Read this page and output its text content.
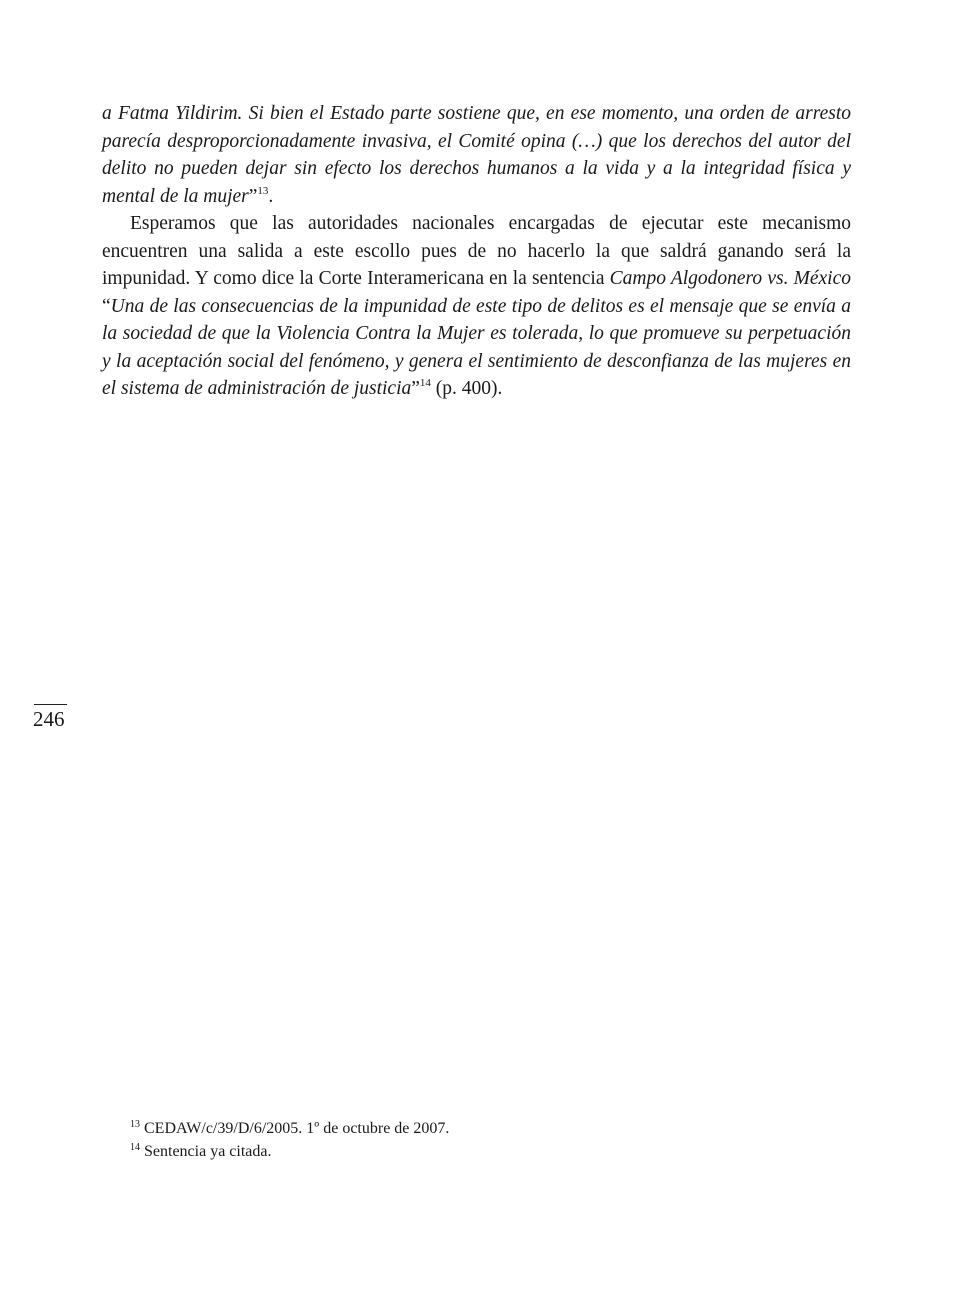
a Fatma Yildirim. Si bien el Estado parte sostiene que, en ese momento, una orden de arresto parecía desproporcionadamente invasiva, el Comité opina (…) que los derechos del autor del delito no pueden dejar sin efecto los derechos humanos a la vida y a la integridad física y mental de la mujer”$^{13}$.

Esperamos que las autoridades nacionales encargadas de ejecutar este mecanismo encuentren una salida a este escollo pues de no hacerlo la que saldrá ganando será la impunidad. Y como dice la Corte Interamericana en la sentencia Campo Algodonero vs. México “Una de las consecuencias de la impunidad de este tipo de delitos es el mensaje que se envía a la sociedad de que la Violencia Contra la Mujer es tolerada, lo que promueve su perpetuación y la aceptación social del fenómeno, y genera el sentimiento de desconfianza de las mujeres en el sistema de administración de justicia”$^{14}$ (p. 400).

246

$^{13}$ CEDAW/c/39/D/6/2005. 1º de octubre de 2007.

$^{14}$ Sentencia ya citada.
